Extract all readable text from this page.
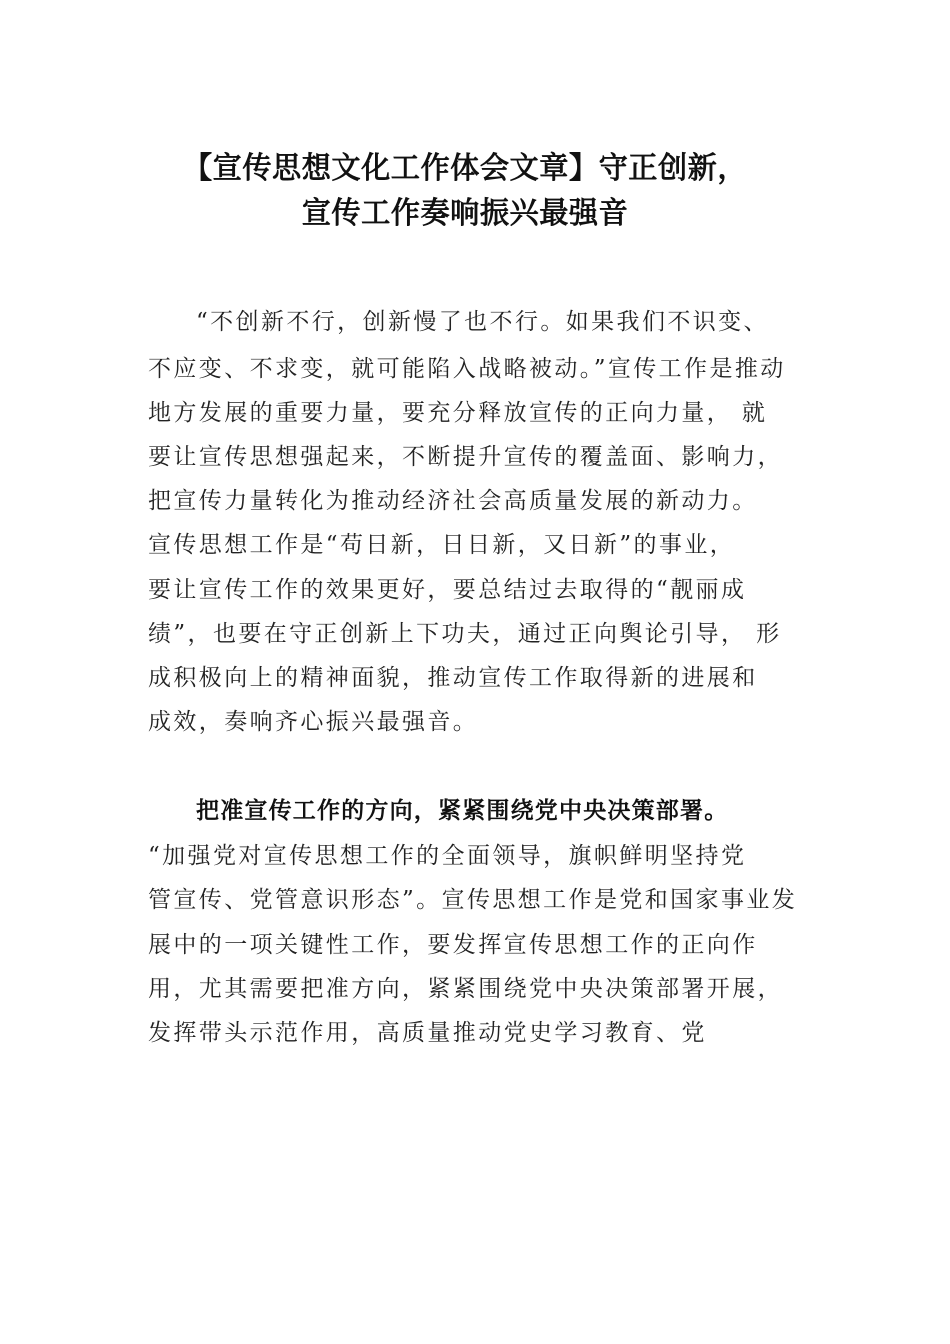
【宣传思想文化工作体会文章】守正创新，
宣传工作奏响振兴最强音
“不创新不行，创新慢了也不行。如果我们不识变、
不应变、不求变，就可能陷入战略被动。”宣传工作是推动
地方发展的重要力量，要充分释放宣传的正向力量， 就
要让宣传思想强起来，不断提升宣传的覆盖面、影响力，
把宣传力量转化为推动经济社会高质量发展的新动力。
宣传思想工作是“苟日新，日日新，又日新”的事业，
要让宣传工作的效果更好，要总结过去取得的“靓丽成
绩”，也要在守正创新上下功夫，通过正向舆论引导， 形
成积极向上的精神面貌，推动宣传工作取得新的进展和
成效，奏响齐心振兴最强音。
把准宣传工作的方向，紧紧围绕党中央决策部署。
“加强党对宣传思想工作的全面领导，旗帜鲜明坚持党
管宣传、党管意识形态”。宣传思想工作是党和国家事业发
展中的一项关键性工作，要发挥宣传思想工作的正向作
用，尤其需要把准方向，紧紧围绕党中央决策部署开展，
发挥带头示范作用，高质量推动党史学习教育、党
